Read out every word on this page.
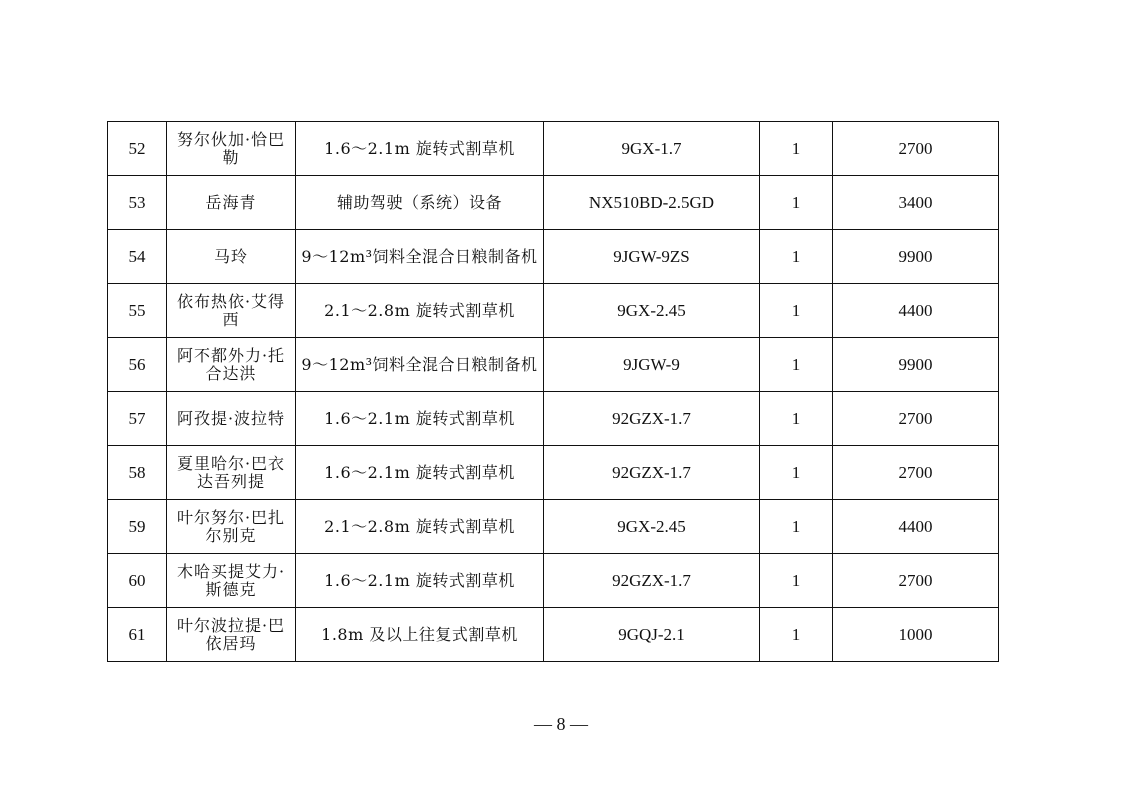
52	努尔伙加·恰巴勒	1.6～2.1m 旋转式割草机	9GX-1.7	1	2700
53	岳海青	辅助驾驶（系统）设备	NX510BD-2.5GD	1	3400
54	马玲	9～12m³饲料全混合日粮制备机	9JGW-9ZS	1	9900
55	依布热依·艾得西	2.1～2.8m 旋转式割草机	9GX-2.45	1	4400
56	阿不都外力·托合达洪	9～12m³饲料全混合日粮制备机	9JGW-9	1	9900
57	阿孜提·波拉特	1.6～2.1m 旋转式割草机	92GZX-1.7	1	2700
58	夏里哈尔·巴衣达吾列提	1.6～2.1m 旋转式割草机	92GZX-1.7	1	2700
59	叶尔努尔·巴扎尔别克	2.1～2.8m 旋转式割草机	9GX-2.45	1	4400
60	木哈买提艾力·斯德克	1.6～2.1m 旋转式割草机	92GZX-1.7	1	2700
61	叶尔波拉提·巴依居玛	1.8m 及以上往复式割草机	9GQJ-2.1	1	1000
— 8 —
